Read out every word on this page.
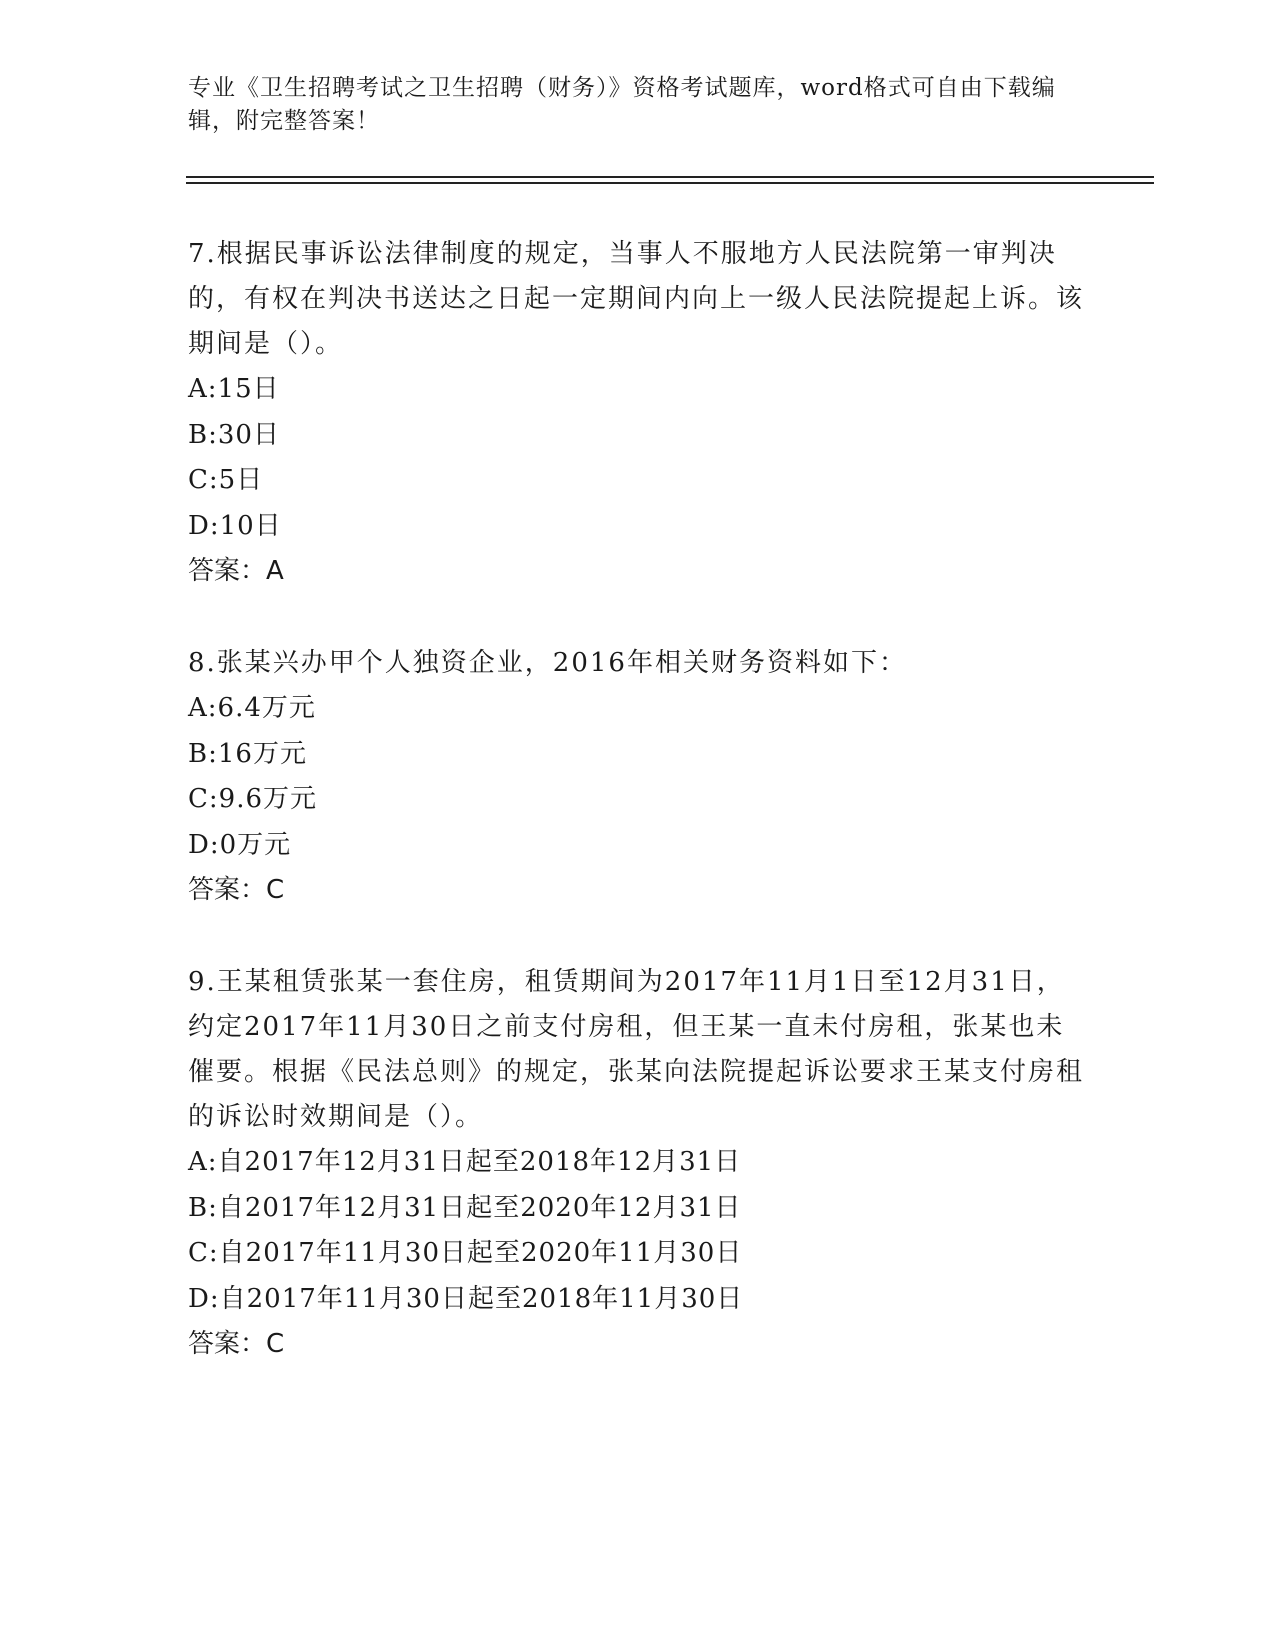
专业《卫生招聘考试之卫生招聘（财务）》资格考试题库，word格式可自由下载编辑，附完整答案！

7.根据民事诉讼法律制度的规定，当事人不服地方人民法院第一审判决的，有权在判决书送达之日起一定期间内向上一级人民法院提起上诉。该期间是（）。

A:15日

B:30日

C:5日

D:10日

答案：A

8.张某兴办甲个人独资企业，2016年相关财务资料如下：

A:6.4万元

B:16万元

C:9.6万元

D:0万元

答案：C

9.王某租赁张某一套住房，租赁期间为2017年11月1日至12月31日，约定2017年11月30日之前支付房租，但王某一直未付房租，张某也未催要。根据《民法总则》的规定，张某向法院提起诉讼要求王某支付房租的诉讼时效期间是（）。

A:自2017年12月31日起至2018年12月31日

B:自2017年12月31日起至2020年12月31日

C:自2017年11月30日起至2020年11月30日

D:自2017年11月30日起至2018年11月30日

答案：C
